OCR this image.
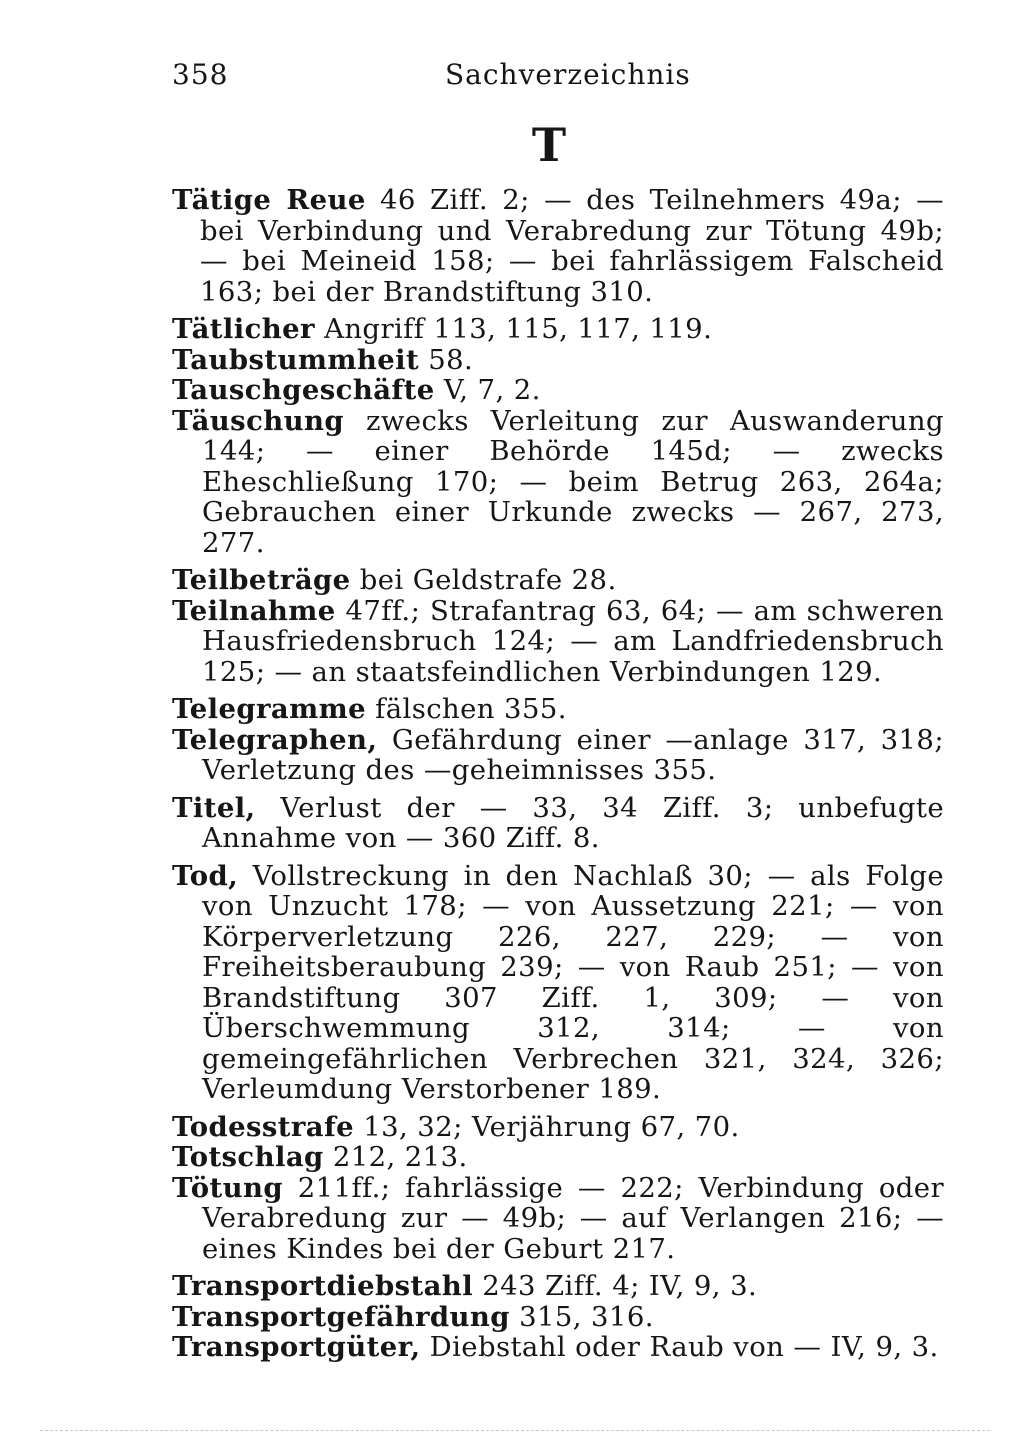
358	Sachverzeichnis
T

Tätige Reue 46 Ziff. 2; — des Teilnehmers 49a; — bei Verbindung und Verabredung zur Tötung 49b; — bei Meineid 158; — bei fahrlässigem Falscheid 163; bei der Brandstiftung 310.

Tätlicher Angriff 113, 115, 117, 119.

Taubstummheit 58.

Tauschgeschäfte V, 7, 2.

Täuschung zwecks Verleitung zur Auswanderung 144; — einer Behörde 145d; — zwecks Eheschließung 170; — beim Betrug 263, 264a; Gebrauchen einer Urkunde zwecks — 267, 273, 277.

Teilbeträge bei Geldstrafe 28.

Teilnahme 47ff.; Strafantrag 63, 64; — am schweren Hausfriedensbruch 124; — am Landfriedensbruch 125; — an staatsfeindlichen Verbindungen 129.

Telegramme fälschen 355.

Telegraphen, Gefährdung einer —anlage 317, 318; Verletzung des —geheimnisses 355.

Titel, Verlust der — 33, 34 Ziff. 3; unbefugte Annahme von — 360 Ziff. 8.

Tod, Vollstreckung in den Nachlaß 30; — als Folge von Unzucht 178; — von Aussetzung 221; — von Körperverletzung 226, 227, 229; — von Freiheitsberaubung 239; — von Raub 251; — von Brandstiftung 307 Ziff. 1, 309; — von Überschwemmung 312, 314; — von gemeingefährlichen Verbrechen 321, 324, 326; Verleumdung Verstorbener 189.

Todesstrafe 13, 32; Verjährung 67, 70.

Totschlag 212, 213.

Tötung 211ff.; fahrlässige — 222; Verbindung oder Verabredung zur — 49b; — auf Verlangen 216; — eines Kindes bei der Geburt 217.

Transportdiebstahl 243 Ziff. 4; IV, 9, 3.

Transportgefährdung 315, 316.

Transportgüter, Diebstahl oder Raub von — IV, 9, 3.
